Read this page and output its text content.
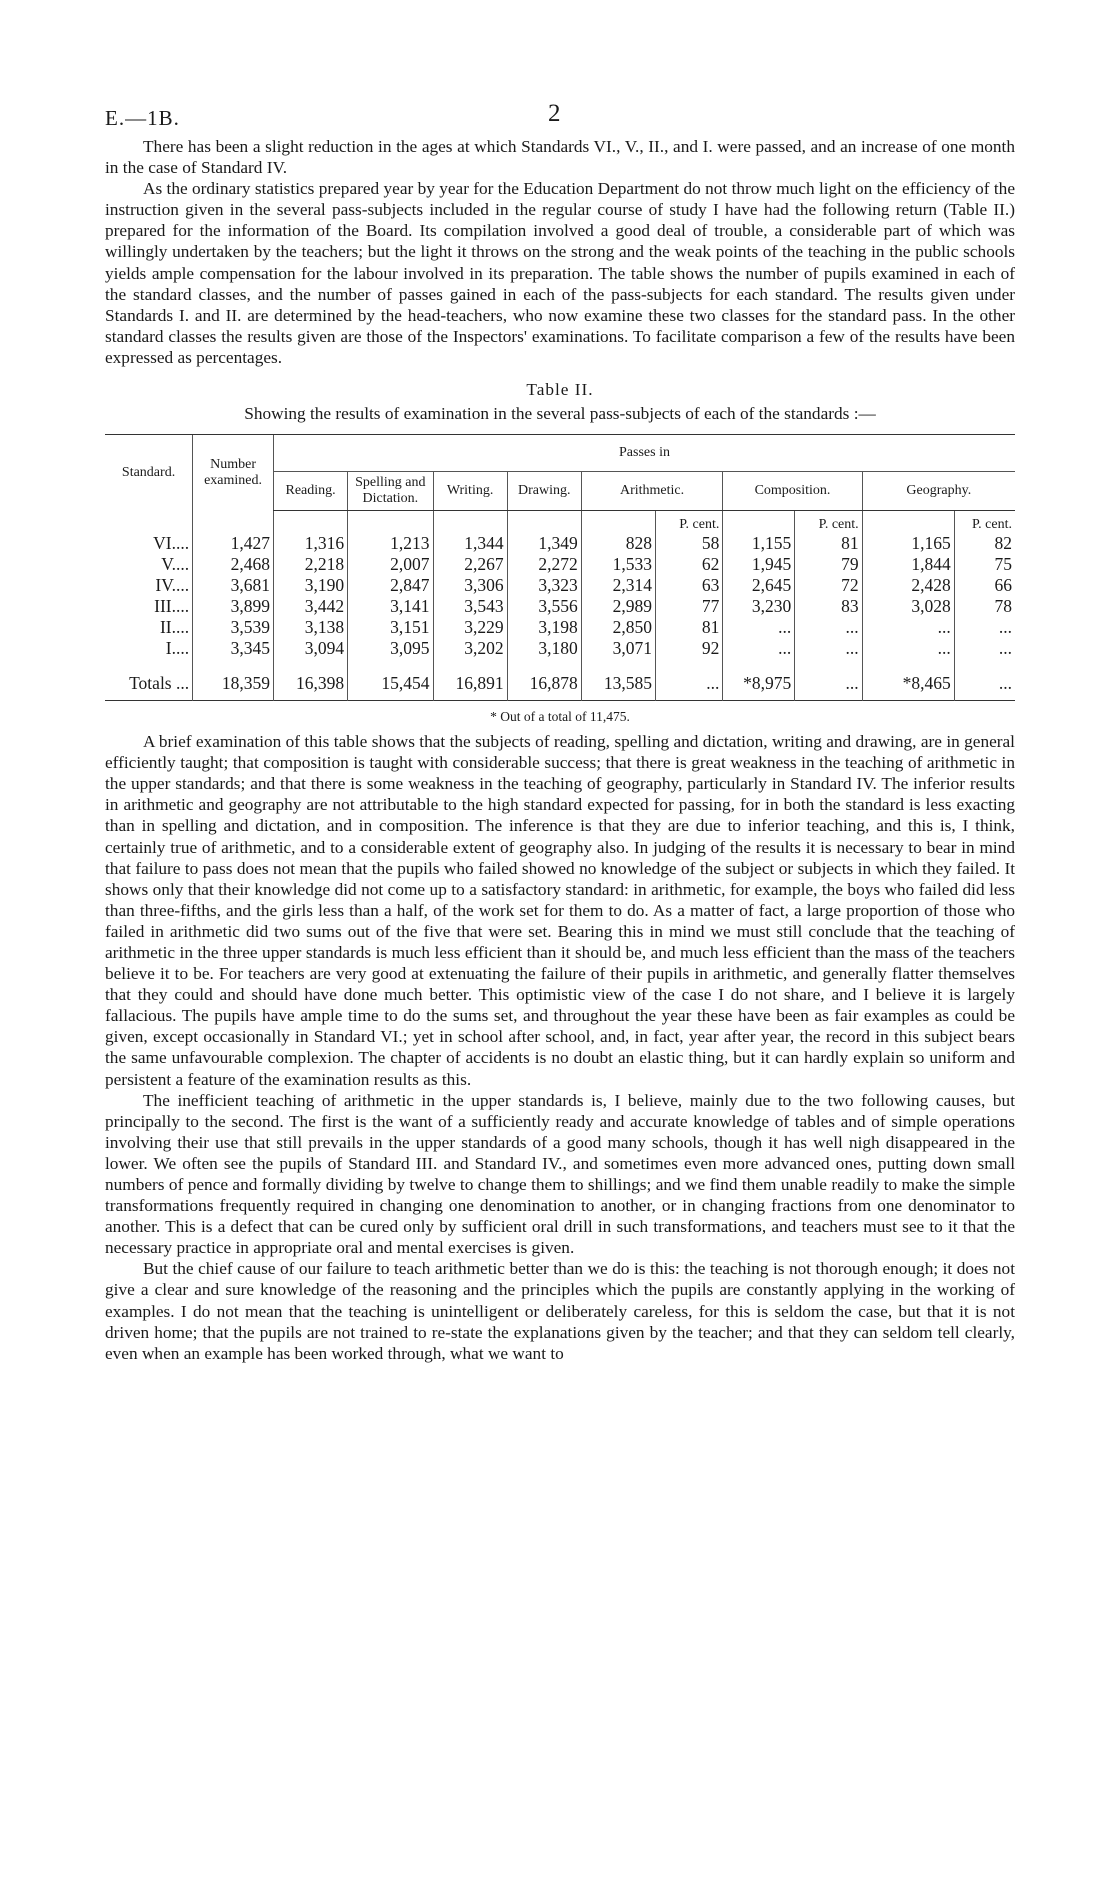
E.—1B.	2

There has been a slight reduction in the ages at which Standards VI., V., II., and I. were passed, and an increase of one month in the case of Standard IV.

As the ordinary statistics prepared year by year for the Education Department do not throw much light on the efficiency of the instruction given in the several pass-subjects included in the regular course of study I have had the following return (Table II.) prepared for the information of the Board. Its compilation involved a good deal of trouble, a considerable part of which was willingly undertaken by the teachers; but the light it throws on the strong and the weak points of the teaching in the public schools yields ample compensation for the labour involved in its preparation. The table shows the number of pupils examined in each of the standard classes, and the number of passes gained in each of the pass-subjects for each standard. The results given under Standards I. and II. are determined by the head-teachers, who now examine these two classes for the standard pass. In the other standard classes the results given are those of the Inspectors' examinations. To facilitate comparison a few of the results have been expressed as percentages.

Table II.
Showing the results of examination in the several pass-subjects of each of the standards :—
Standard.	Number examined.	Passes in									
		Reading.	Spelling and Dictation.	Writing.	Drawing.	Arithmetic.		Composition.		Geography.	
							P. cent.		P. cent.		P. cent.
VI. ...	1,427	1,316	1,213	1,344	1,349	828	58	1,155	81	1,165	82
V. ...	2,468	2,218	2,007	2,267	2,272	1,533	62	1,945	79	1,844	75
IV. ...	3,681	3,190	2,847	3,306	3,323	2,314	63	2,645	72	2,428	66
III. ...	3,899	3,442	3,141	3,543	3,556	2,989	77	3,230	83	3,028	78
II. ...	3,539	3,138	3,151	3,229	3,198	2,850	81	...	...	...	...
I. ...	3,345	3,094	3,095	3,202	3,180	3,071	92	...	...	...	...

Totals ...	18,359	16,398	15,454	16,891	16,878	13,585	...	*8,975	...	*8,465	...

* Out of a total of 11,475.

A brief examination of this table shows that the subjects of reading, spelling and dictation, writing and drawing, are in general efficiently taught; that composition is taught with considerable success; that there is great weakness in the teaching of arithmetic in the upper standards; and that there is some weakness in the teaching of geography, particularly in Standard IV. The inferior results in arithmetic and geography are not attributable to the high standard expected for passing, for in both the standard is less exacting than in spelling and dictation, and in composition. The inference is that they are due to inferior teaching, and this is, I think, certainly true of arithmetic, and to a considerable extent of geography also. In judging of the results it is necessary to bear in mind that failure to pass does not mean that the pupils who failed showed no knowledge of the subject or subjects in which they failed. It shows only that their knowledge did not come up to a satisfactory standard: in arithmetic, for example, the boys who failed did less than three-fifths, and the girls less than a half, of the work set for them to do. As a matter of fact, a large proportion of those who failed in arithmetic did two sums out of the five that were set. Bearing this in mind we must still conclude that the teaching of arithmetic in the three upper standards is much less efficient than it should be, and much less efficient than the mass of the teachers believe it to be. For teachers are very good at extenuating the failure of their pupils in arithmetic, and generally flatter themselves that they could and should have done much better. This optimistic view of the case I do not share, and I believe it is largely fallacious. The pupils have ample time to do the sums set, and throughout the year these have been as fair examples as could be given, except occasionally in Standard VI.; yet in school after school, and, in fact, year after year, the record in this subject bears the same unfavourable complexion. The chapter of accidents is no doubt an elastic thing, but it can hardly explain so uniform and persistent a feature of the examination results as this.

The inefficient teaching of arithmetic in the upper standards is, I believe, mainly due to the two following causes, but principally to the second. The first is the want of a sufficiently ready and accurate knowledge of tables and of simple operations involving their use that still prevails in the upper standards of a good many schools, though it has well nigh disappeared in the lower. We often see the pupils of Standard III. and Standard IV., and sometimes even more advanced ones, putting down small numbers of pence and formally dividing by twelve to change them to shillings; and we find them unable readily to make the simple transformations frequently required in changing one denomination to another, or in changing fractions from one denominator to another. This is a defect that can be cured only by sufficient oral drill in such transformations, and teachers must see to it that the necessary practice in appropriate oral and mental exercises is given.

But the chief cause of our failure to teach arithmetic better than we do is this: the teaching is not thorough enough; it does not give a clear and sure knowledge of the reasoning and the principles which the pupils are constantly applying in the working of examples. I do not mean that the teaching is unintelligent or deliberately careless, for this is seldom the case, but that it is not driven home; that the pupils are not trained to re-state the explanations given by the teacher; and that they can seldom tell clearly, even when an example has been worked through, what we want to
